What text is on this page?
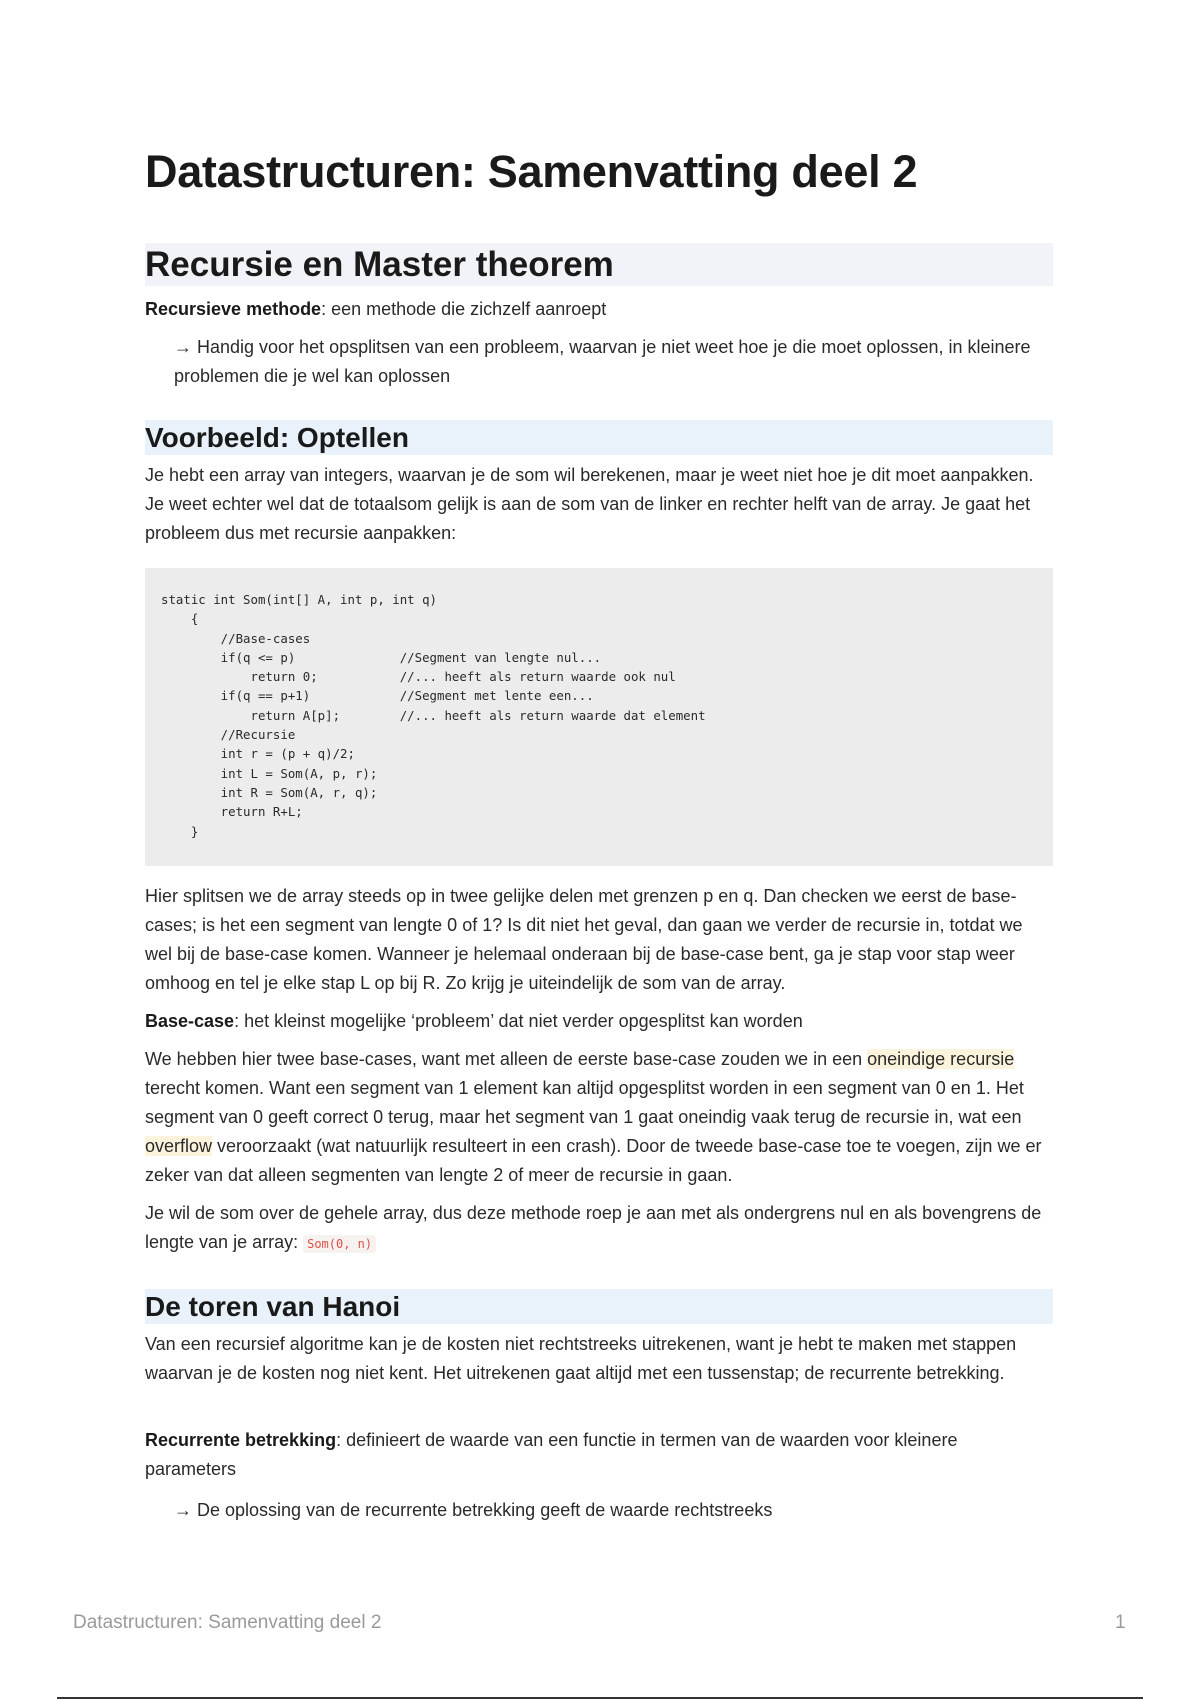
Datastructuren: Samenvatting deel 2
Recursie en Master theorem

Recursieve methode: een methode die zichzelf aanroept

→ Handig voor het opsplitsen van een probleem, waarvan je niet weet hoe je die moet oplossen, in kleinere problemen die je wel kan oplossen

Voorbeeld: Optellen

Je hebt een array van integers, waarvan je de som wil berekenen, maar je weet niet hoe je dit moet aanpakken. Je weet echter wel dat de totaalsom gelijk is aan de som van de linker en rechter helft van de array. Je gaat het probleem dus met recursie aanpakken:

static int Som(int[] A, int p, int q)
{
//Base-cases
if(q <= p)              //Segment van lengte nul...
return 0;           //... heeft als return waarde ook nul
if(q == p+1)            //Segment met lente een...
return A[p];        //... heeft als return waarde dat element
//Recursie
int r = (p + q)/2;
int L = Som(A, p, r);
int R = Som(A, r, q);
return R+L;
}

Hier splitsen we de array steeds op in twee gelijke delen met grenzen p en q. Dan checken we eerst de base-cases; is het een segment van lengte 0 of 1? Is dit niet het geval, dan gaan we verder de recursie in, totdat we wel bij de base-case komen. Wanneer je helemaal onderaan bij de base-case bent, ga je stap voor stap weer omhoog en tel je elke stap L op bij R. Zo krijg je uiteindelijk de som van de array.

Base-case: het kleinst mogelijke ‘probleem’ dat niet verder opgesplitst kan worden

We hebben hier twee base-cases, want met alleen de eerste base-case zouden we in een oneindige recursie terecht komen. Want een segment van 1 element kan altijd opgesplitst worden in een segment van 0 en 1. Het segment van 0 geeft correct 0 terug, maar het segment van 1 gaat oneindig vaak terug de recursie in, wat een overflow veroorzaakt (wat natuurlijk resulteert in een crash). Door de tweede base-case toe te voegen, zijn we er zeker van dat alleen segmenten van lengte 2 of meer de recursie in gaan.

Je wil de som over de gehele array, dus deze methode roep je aan met als ondergrens nul en als bovengrens de lengte van je array: Som(0, n)

De toren van Hanoi

Van een recursief algoritme kan je de kosten niet rechtstreeks uitrekenen, want je hebt te maken met stappen waarvan je de kosten nog niet kent. Het uitrekenen gaat altijd met een tussenstap; de recurrente betrekking.

Recurrente betrekking: definieert de waarde van een functie in termen van de waarden voor kleinere parameters

→ De oplossing van de recurrente betrekking geeft de waarde rechtstreeks

Datastructuren: Samenvatting deel 2	1
